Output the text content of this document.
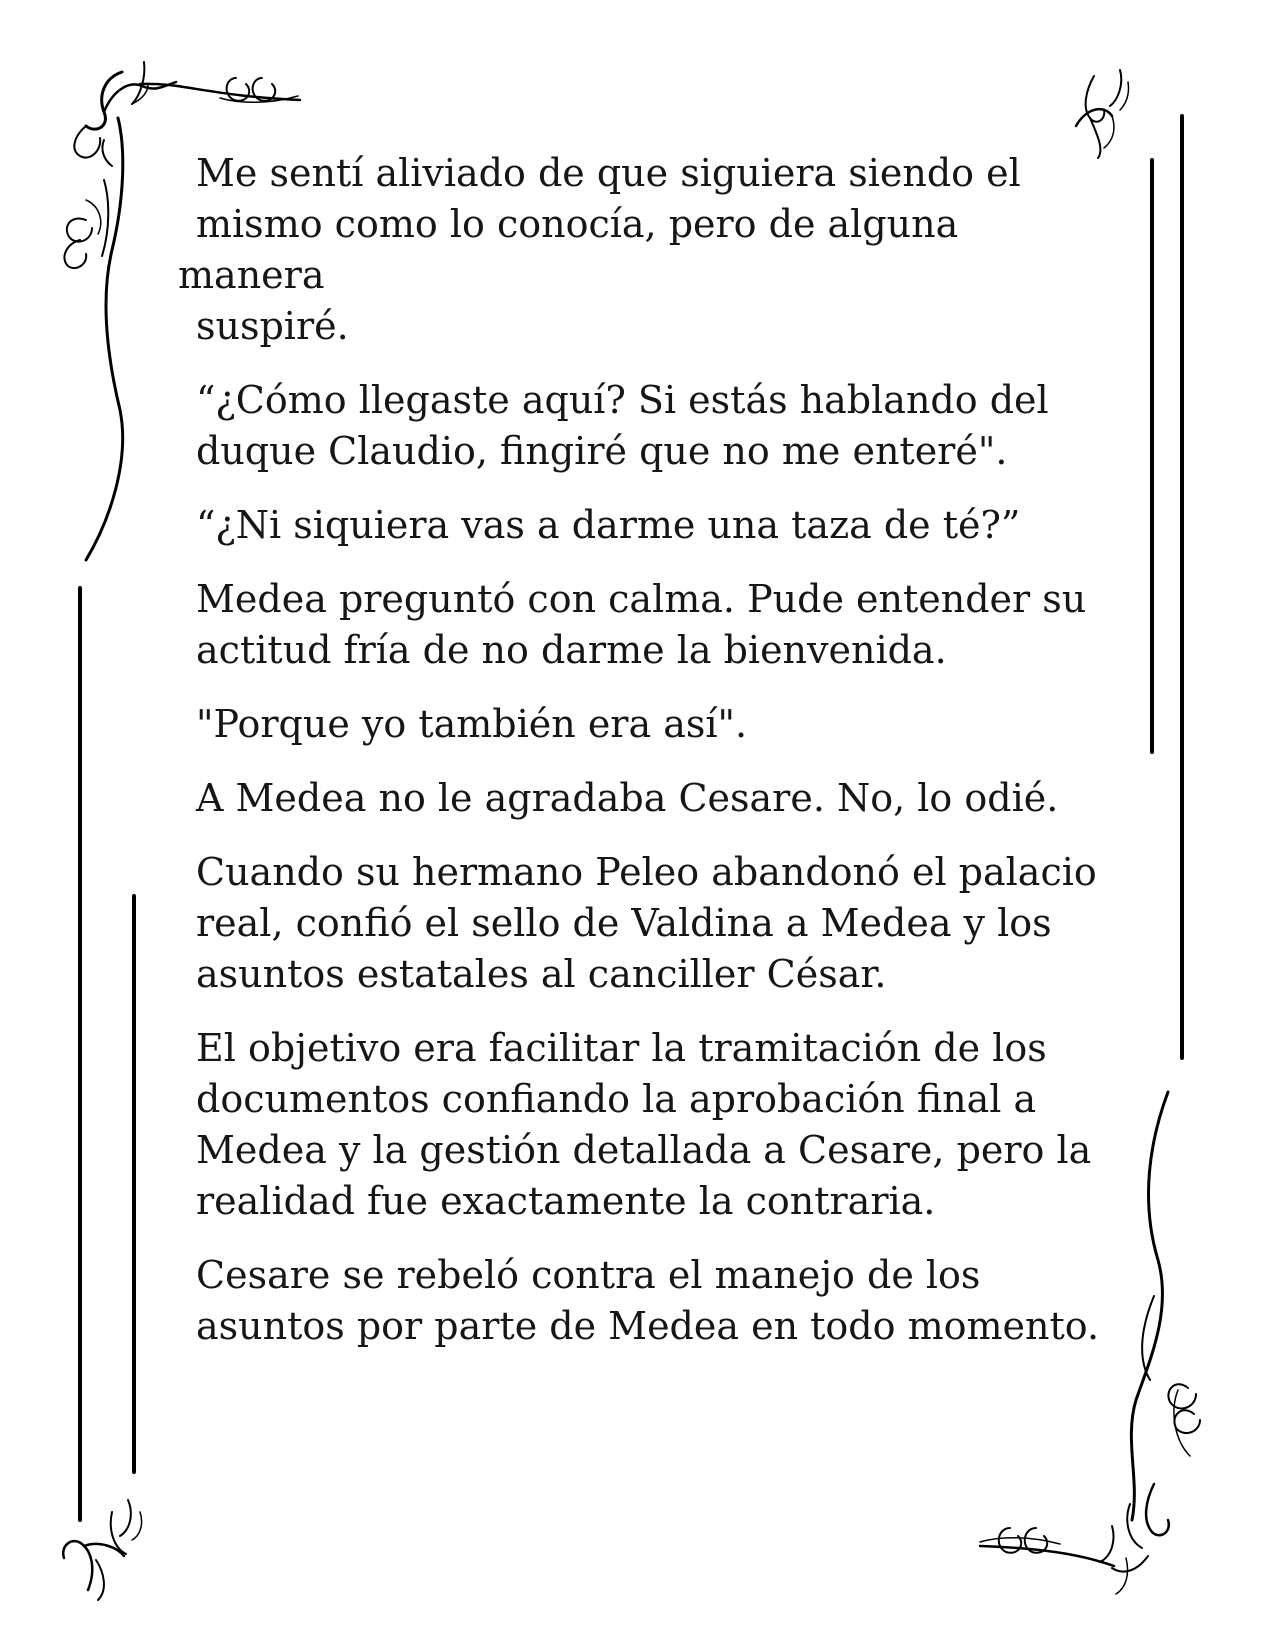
Me sentí aliviado de que siguiera siendo el
mismo como lo conocía, pero de alguna manera
suspiré.

“¿Cómo llegaste aquí? Si estás hablando del
duque Claudio, fingiré que no me enteré".

“¿Ni siquiera vas a darme una taza de té?”

Medea preguntó con calma. Pude entender su
actitud fría de no darme la bienvenida.

"Porque yo también era así".

A Medea no le agradaba Cesare. No, lo odié.

Cuando su hermano Peleo abandonó el palacio
real, confió el sello de Valdina a Medea y los
asuntos estatales al canciller César.

El objetivo era facilitar la tramitación de los
documentos confiando la aprobación final a
Medea y la gestión detallada a Cesare, pero la
realidad fue exactamente la contraria.

Cesare se rebeló contra el manejo de los
asuntos por parte de Medea en todo momento.
